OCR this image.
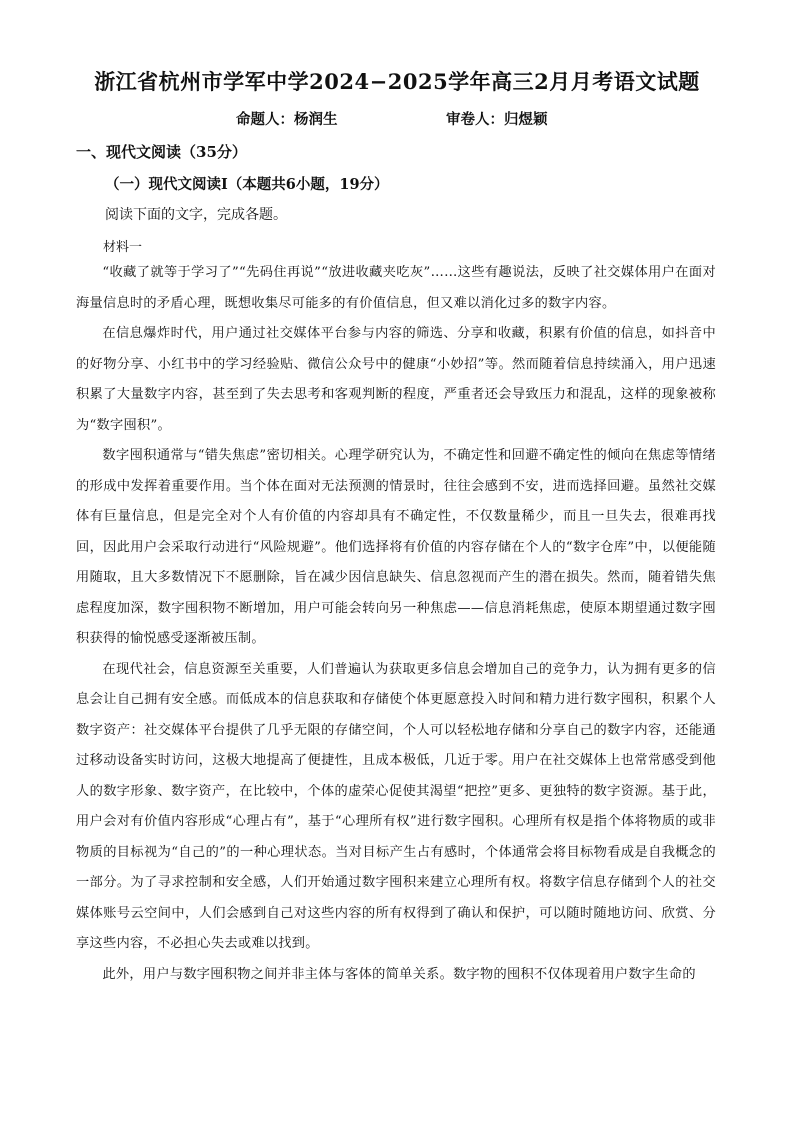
浙江省杭州市学军中学2024−2025学年高三2月月考语文试题
命题人：杨润生	审卷人：归煜颖
一、现代文阅读（35分）
（一）现代文阅读Ⅰ（本题共6小题，19分）
阅读下面的文字，完成各题。
材料一

“收藏了就等于学习了”“先码住再说”“放进收藏夹吃灰”……这些有趣说法，反映了社交媒体用户在面对海量信息时的矛盾心理，既想收集尽可能多的有价值信息，但又难以消化过多的数字内容。

在信息爆炸时代，用户通过社交媒体平台参与内容的筛选、分享和收藏，积累有价值的信息，如抖音中的好物分享、小红书中的学习经验贴、微信公众号中的健康“小妙招”等。然而随着信息持续涌入，用户迅速积累了大量数字内容，甚至到了失去思考和客观判断的程度，严重者还会导致压力和混乱，这样的现象被称为“数字囤积”。

数字囤积通常与“错失焦虑”密切相关。心理学研究认为，不确定性和回避不确定性的倾向在焦虑等情绪的形成中发挥着重要作用。当个体在面对无法预测的情景时，往往会感到不安，进而选择回避。虽然社交媒体有巨量信息，但是完全对个人有价值的内容却具有不确定性，不仅数量稀少，而且一旦失去，很难再找回，因此用户会采取行动进行“风险规避”。他们选择将有价值的内容存储在个人的“数字仓库”中，以便能随用随取，且大多数情况下不愿删除，旨在减少因信息缺失、信息忽视而产生的潜在损失。然而，随着错失焦虑程度加深，数字囤积物不断增加，用户可能会转向另一种焦虑——信息消耗焦虑，使原本期望通过数字囤积获得的愉悦感受逐渐被压制。

在现代社会，信息资源至关重要，人们普遍认为获取更多信息会增加自己的竞争力，认为拥有更多的信息会让自己拥有安全感。而低成本的信息获取和存储使个体更愿意投入时间和精力进行数字囤积，积累个人数字资产：社交媒体平台提供了几乎无限的存储空间，个人可以轻松地存储和分享自己的数字内容，还能通过移动设备实时访问，这极大地提高了便捷性，且成本极低，几近于零。用户在社交媒体上也常常感受到他人的数字形象、数字资产，在比较中，个体的虚荣心促使其渴望“把控”更多、更独特的数字资源。基于此，用户会对有价值内容形成“心理占有”，基于“心理所有权”进行数字囤积。心理所有权是指个体将物质的或非物质的目标视为“自己的”的一种心理状态。当对目标产生占有感时，个体通常会将目标物看成是自我概念的一部分。为了寻求控制和安全感，人们开始通过数字囤积来建立心理所有权。将数字信息存储到个人的社交媒体账号云空间中，人们会感到自己对这些内容的所有权得到了确认和保护，可以随时随地访问、欣赏、分享这些内容，不必担心失去或难以找到。

此外，用户与数字囤积物之间并非主体与客体的简单关系。数字物的囤积不仅体现着用户数字生命的
